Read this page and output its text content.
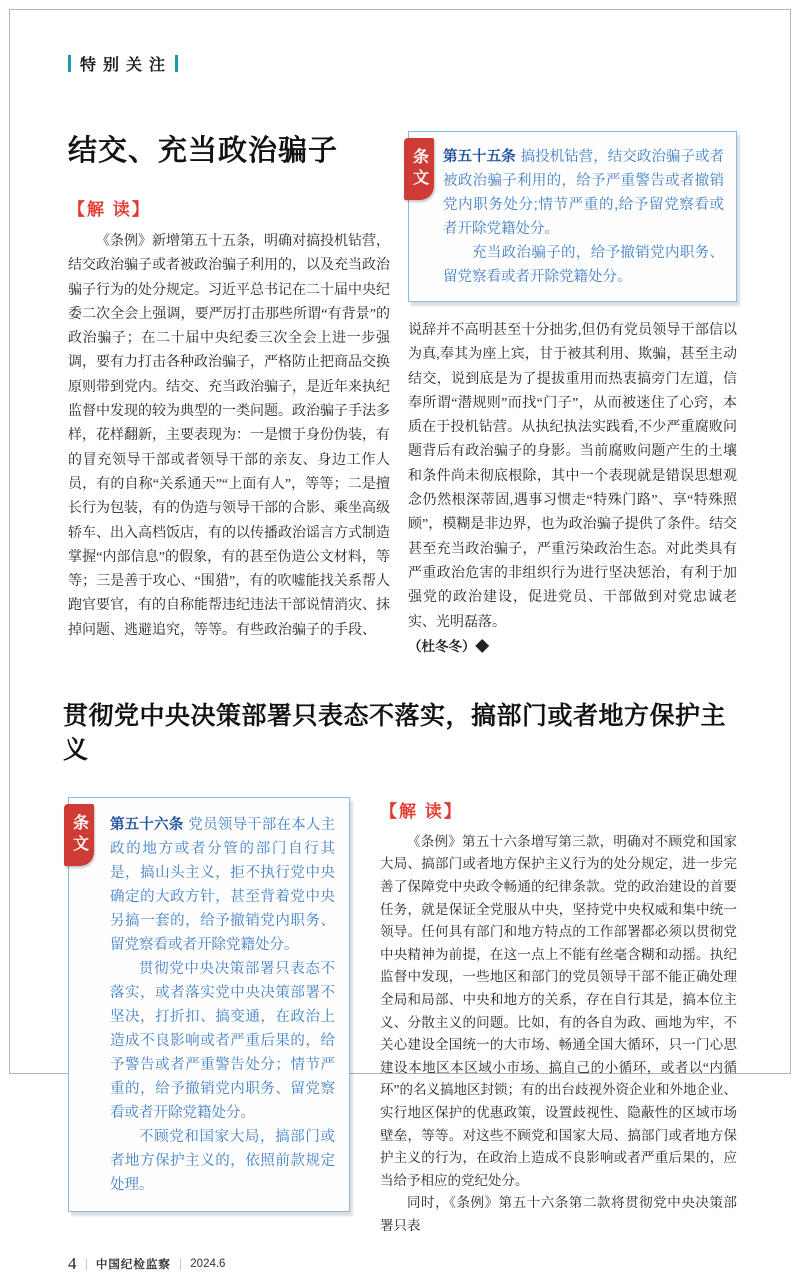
特别关注
结交、充当政治骗子
【解 读】

《条例》新增第五十五条，明确对搞投机钻营，结交政治骗子或者被政治骗子利用的，以及充当政治骗子行为的处分规定。习近平总书记在二十届中央纪委二次全会上强调，要严厉打击那些所谓“有背景”的政治骗子；在二十届中央纪委三次全会上进一步强调，要有力打击各种政治骗子，严格防止把商品交换原则带到党内。结交、充当政治骗子，是近年来执纪监督中发现的较为典型的一类问题。政治骗子手法多样，花样翻新，主要表现为：一是惯于身份伪装，有的冒充领导干部或者领导干部的亲友、身边工作人员，有的自称“关系通天”“上面有人”，等等；二是擅长行为包装，有的伪造与领导干部的合影、乘坐高级轿车、出入高档饭店，有的以传播政治谣言方式制造掌握“内部信息”的假象，有的甚至伪造公文材料，等等；三是善于攻心、“围猎”，有的吹嘘能找关系帮人跑官要官，有的自称能帮违纪违法干部说情消灾、抹掉问题、逃避追究，等等。有些政治骗子的手段、

条文	第五十五条 搞投机钻营，结交政治骗子或者被政治骗子利用的，给予严重警告或者撤销党内职务处分;情节严重的,给予留党察看或者开除党籍处分。

充当政治骗子的，给予撤销党内职务、留党察看或者开除党籍处分。

说辞并不高明甚至十分拙劣,但仍有党员领导干部信以为真,奉其为座上宾，甘于被其利用、欺骗，甚至主动结交，说到底是为了提拔重用而热衷搞旁门左道，信奉所谓“潜规则”而找“门子”，从而被迷住了心窍，本质在于投机钻营。从执纪执法实践看,不少严重腐败问题背后有政治骗子的身影。当前腐败问题产生的土壤和条件尚未彻底根除，其中一个表现就是错误思想观念仍然根深蒂固,遇事习惯走“特殊门路”、享“特殊照顾”，模糊是非边界，也为政治骗子提供了条件。结交甚至充当政治骗子，严重污染政治生态。对此类具有严重政治危害的非组织行为进行坚决惩治，有利于加强党的政治建设，促进党员、干部做到对党忠诚老实、光明磊落。

（杜冬冬）◆

贯彻党中央决策部署只表态不落实，搞部门或者地方保护主义
条文	第五十六条 党员领导干部在本人主政的地方或者分管的部门自行其是，搞山头主义，拒不执行党中央确定的大政方针，甚至背着党中央另搞一套的，给予撤销党内职务、留党察看或者开除党籍处分。

贯彻党中央决策部署只表态不落实，或者落实党中央决策部署不坚决，打折扣、搞变通，在政治上造成不良影响或者严重后果的，给予警告或者严重警告处分；情节严重的，给予撤销党内职务、留党察看或者开除党籍处分。

不顾党和国家大局，搞部门或者地方保护主义的，依照前款规定处理。

【解 读】

《条例》第五十六条增写第三款，明确对不顾党和国家大局、搞部门或者地方保护主义行为的处分规定，进一步完善了保障党中央政令畅通的纪律条款。党的政治建设的首要任务，就是保证全党服从中央，坚持党中央权威和集中统一领导。任何具有部门和地方特点的工作部署都必须以贯彻党中央精神为前提，在这一点上不能有丝毫含糊和动摇。执纪监督中发现，一些地区和部门的党员领导干部不能正确处理全局和局部、中央和地方的关系，存在自行其是，搞本位主义、分散主义的问题。比如，有的各自为政、画地为牢，不关心建设全国统一的大市场、畅通全国大循环，只一门心思建设本地区本区域小市场、搞自己的小循环，或者以“内循环”的名义搞地区封锁；有的出台歧视外资企业和外地企业、实行地区保护的优惠政策，设置歧视性、隐蔽性的区域市场壁垒，等等。对这些不顾党和国家大局、搞部门或者地方保护主义的行为，在政治上造成不良影响或者严重后果的，应当给予相应的党纪处分。

同时，《条例》第五十六条第二款将贯彻党中央决策部署只表

4 | 中国纪检监察 | 2024.6
